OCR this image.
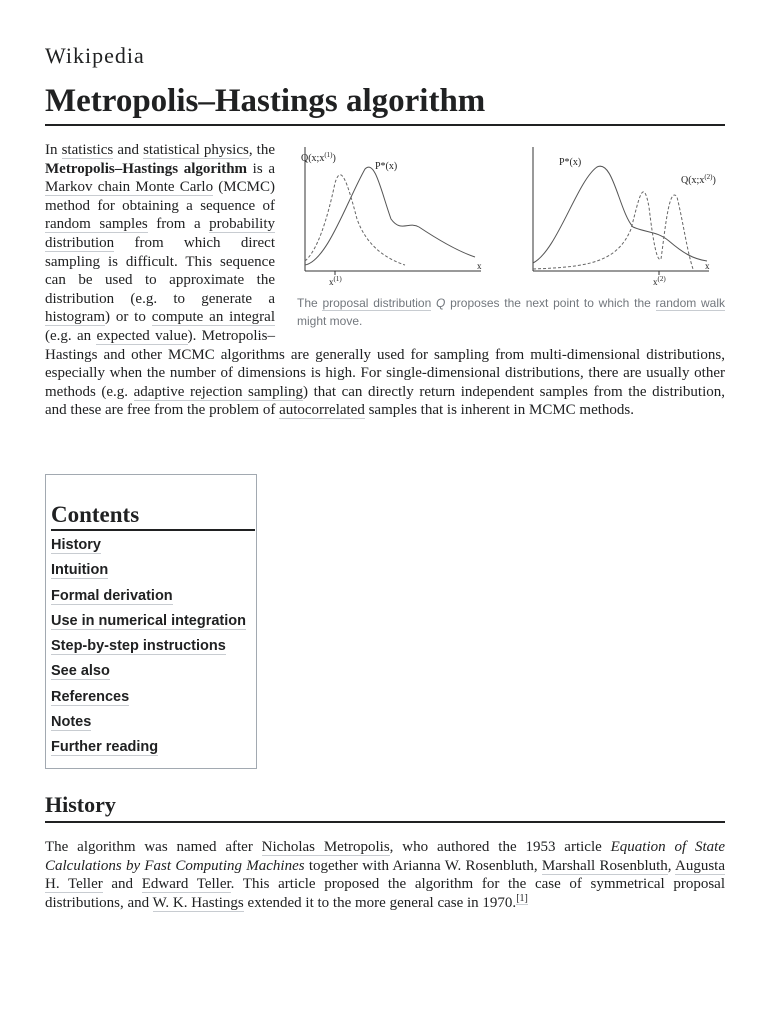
Wikipedia
Metropolis–Hastings algorithm
$Q(x;x^{(1)})$
P*(x)
$x^{(1)}$
x
P*(x)
$Q(x;x^{(2)})$
$x^{(2)}$
x
The proposal distribution Q proposes the next point to which the random walk might move.

In statistics and statistical physics, the Metropolis–Hastings algorithm is a Markov chain Monte Carlo (MCMC) method for obtaining a sequence of random samples from a probability distribution from which direct sampling is difficult. This sequence can be used to approximate the distribution (e.g. to generate a histogram) or to compute an integral (e.g. an expected value). Metropolis–Hastings and other MCMC algorithms are generally used for sampling from multi-dimensional distributions, especially when the number of dimensions is high. For single-dimensional distributions, there are usually other methods (e.g. adaptive rejection sampling) that can directly return independent samples from the distribution, and these are free from the problem of autocorrelated samples that is inherent in MCMC methods.

Contents
History
Intuition
Formal derivation
Use in numerical integration
Step-by-step instructions
See also
References
Notes
Further reading
History

The algorithm was named after Nicholas Metropolis, who authored the 1953 article Equation of State Calculations by Fast Computing Machines together with Arianna W. Rosenbluth, Marshall Rosenbluth, Augusta H. Teller and Edward Teller. This article proposed the algorithm for the case of symmetrical proposal distributions, and W. K. Hastings extended it to the more general case in 1970.[1]
